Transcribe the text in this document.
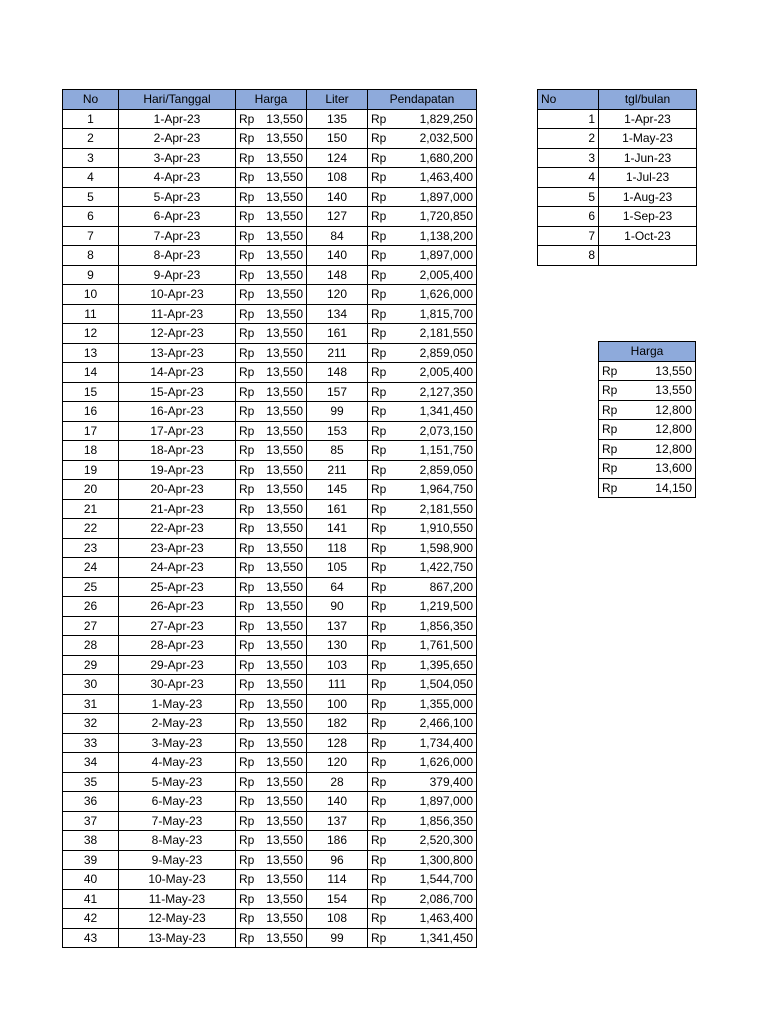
No	Hari/Tanggal	Harga	Liter	Pendapatan
1	1-Apr-23	Rp 13,550	135	Rp 1,829,250

2	2-Apr-23	Rp 13,550	150	Rp 2,032,500

3	3-Apr-23	Rp 13,550	124	Rp 1,680,200

4	4-Apr-23	Rp 13,550	108	Rp 1,463,400

5	5-Apr-23	Rp 13,550	140	Rp 1,897,000

6	6-Apr-23	Rp 13,550	127	Rp 1,720,850

7	7-Apr-23	Rp 13,550	84	Rp 1,138,200

8	8-Apr-23	Rp 13,550	140	Rp 1,897,000

9	9-Apr-23	Rp 13,550	148	Rp 2,005,400

10	10-Apr-23	Rp 13,550	120	Rp 1,626,000

11	11-Apr-23	Rp 13,550	134	Rp 1,815,700

12	12-Apr-23	Rp 13,550	161	Rp 2,181,550

13	13-Apr-23	Rp 13,550	211	Rp 2,859,050

14	14-Apr-23	Rp 13,550	148	Rp 2,005,400

15	15-Apr-23	Rp 13,550	157	Rp 2,127,350

16	16-Apr-23	Rp 13,550	99	Rp 1,341,450

17	17-Apr-23	Rp 13,550	153	Rp 2,073,150

18	18-Apr-23	Rp 13,550	85	Rp 1,151,750

19	19-Apr-23	Rp 13,550	211	Rp 2,859,050

20	20-Apr-23	Rp 13,550	145	Rp 1,964,750

21	21-Apr-23	Rp 13,550	161	Rp 2,181,550

22	22-Apr-23	Rp 13,550	141	Rp 1,910,550

23	23-Apr-23	Rp 13,550	118	Rp 1,598,900

24	24-Apr-23	Rp 13,550	105	Rp 1,422,750

25	25-Apr-23	Rp 13,550	64	Rp 867,200

26	26-Apr-23	Rp 13,550	90	Rp 1,219,500

27	27-Apr-23	Rp 13,550	137	Rp 1,856,350

28	28-Apr-23	Rp 13,550	130	Rp 1,761,500

29	29-Apr-23	Rp 13,550	103	Rp 1,395,650

30	30-Apr-23	Rp 13,550	111	Rp 1,504,050

31	1-May-23	Rp 13,550	100	Rp 1,355,000

32	2-May-23	Rp 13,550	182	Rp 2,466,100

33	3-May-23	Rp 13,550	128	Rp 1,734,400

34	4-May-23	Rp 13,550	120	Rp 1,626,000

35	5-May-23	Rp 13,550	28	Rp 379,400

36	6-May-23	Rp 13,550	140	Rp 1,897,000

37	7-May-23	Rp 13,550	137	Rp 1,856,350

38	8-May-23	Rp 13,550	186	Rp 2,520,300

39	9-May-23	Rp 13,550	96	Rp 1,300,800

40	10-May-23	Rp 13,550	114	Rp 1,544,700

41	11-May-23	Rp 13,550	154	Rp 2,086,700

42	12-May-23	Rp 13,550	108	Rp 1,463,400

43	13-May-23	Rp 13,550	99	Rp 1,341,450
No	tgl/bulan
1	1-Apr-23
2	1-May-23
3	1-Jun-23
4	1-Jul-23
5	1-Aug-23
6	1-Sep-23
7	1-Oct-23
8	
Harga

Rp	13,550

Rp	13,550

Rp	12,800

Rp	12,800

Rp	12,800

Rp	13,600

Rp	14,150
